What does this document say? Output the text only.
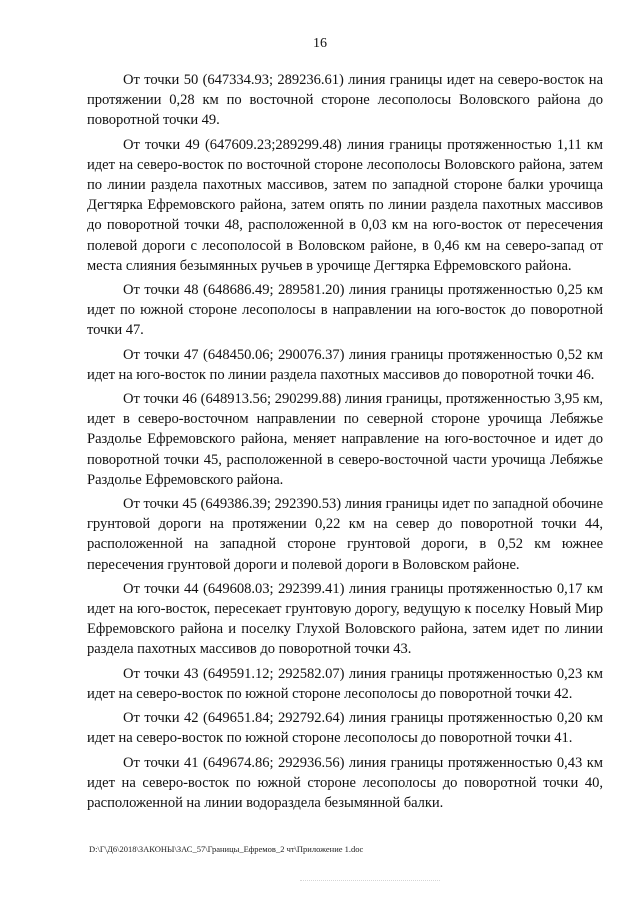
16

От точки 50 (647334.93; 289236.61) линия границы идет на северо-восток на протяжении 0,28 км по восточной стороне лесополосы Воловского района до поворотной точки 49.

От точки 49 (647609.23;289299.48) линия границы протяженностью 1,11 км идет на северо-восток по восточной стороне лесополосы Воловского района, затем по линии раздела пахотных массивов, затем по западной стороне балки урочища Дегтярка Ефремовского района, затем опять по линии раздела пахотных массивов до поворотной точки 48, расположенной в 0,03 км на юго-восток от пересечения полевой дороги с лесополосой в Воловском районе, в 0,46 км на северо-запад от места слияния безымянных ручьев в урочище Дегтярка Ефремовского района.

От точки 48 (648686.49; 289581.20) линия границы протяженностью 0,25 км идет по южной стороне лесополосы в направлении на юго-восток до поворотной точки 47.

От точки 47 (648450.06; 290076.37) линия границы протяженностью 0,52 км идет на юго-восток по линии раздела пахотных массивов до поворотной точки 46.

От точки 46 (648913.56; 290299.88) линия границы, протяженностью 3,95 км, идет в северо-восточном направлении по северной стороне урочища Лебяжье Раздолье Ефремовского района, меняет направление на юго-восточное и идет до поворотной точки 45, расположенной в северо-восточной части урочища Лебяжье Раздолье Ефремовского района.

От точки 45 (649386.39; 292390.53) линия границы идет по западной обочине грунтовой дороги на протяжении 0,22 км на север до поворотной точки 44, расположенной на западной стороне грунтовой дороги, в 0,52 км южнее пересечения грунтовой дороги и полевой дороги в Воловском районе.

От точки 44 (649608.03; 292399.41) линия границы протяженностью 0,17 км идет на юго-восток, пересекает грунтовую дорогу, ведущую к поселку Новый Мир Ефремовского района и поселку Глухой Воловского района, затем идет по линии раздела пахотных массивов до поворотной точки 43.

От точки 43 (649591.12; 292582.07) линия границы протяженностью 0,23 км идет на северо-восток по южной стороне лесополосы до поворотной точки 42.

От точки 42 (649651.84; 292792.64) линия границы протяженностью 0,20 км идет на северо-восток по южной стороне лесополосы до поворотной точки 41.

От точки 41 (649674.86; 292936.56) линия границы протяженностью 0,43 км идет на северо-восток по южной стороне лесополосы до поворотной точки 40, расположенной на линии водораздела безымянной балки.

D:\Г\Д6\2018\ЗАКОНЫ\ЗАС_57\Границы_Ефремов_2 чт\Приложение 1.doc
